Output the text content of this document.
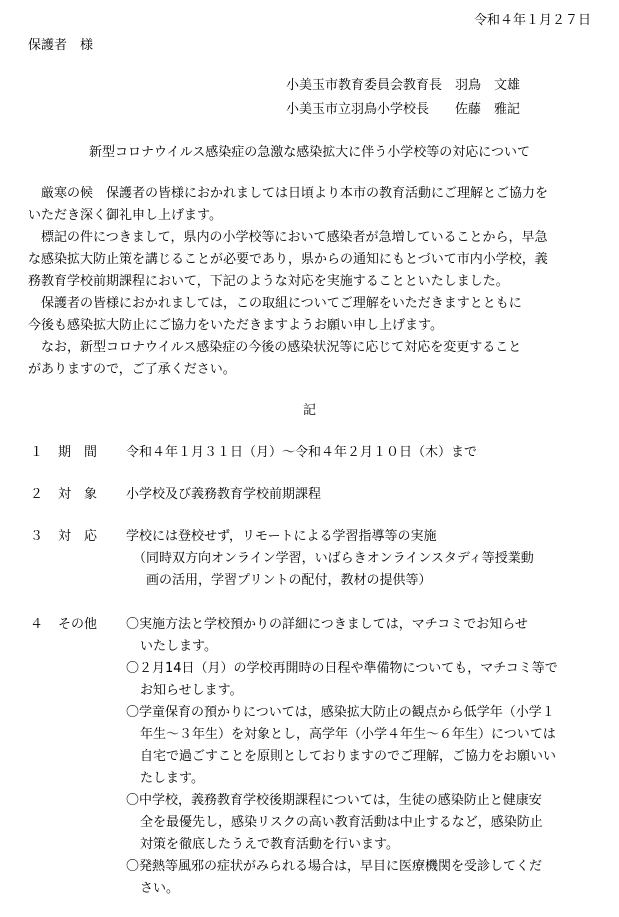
令和４年１月２７日
保護者　様
小美玉市教育委員会教育長　羽鳥　文雄
小美玉市立羽鳥小学校長　　佐藤　雅記
新型コロナウイルス感染症の急激な感染拡大に伴う小学校等の対応について
　厳寒の候　保護者の皆様におかれましては日頃より本市の教育活動にご理解とご協力を
いただき深く御礼申し上げます。
　標記の件につきまして，県内の小学校等において感染者が急増していることから，早急
な感染拡大防止策を講じることが必要であり，県からの通知にもとづいて市内小学校，義
務教育学校前期課程において，下記のような対応を実施することといたしました。
　保護者の皆様におかれましては，この取組についてご理解をいただきますとともに
今後も感染拡大防止にご協力をいただきますようお願い申し上げます。
　なお，新型コロナウイルス感染症の今後の感染状況等に応じて対応を変更すること
がありますので，ご了承ください。
記
１ 期　間 令和４年１月３１日（月）～令和４年２月１０日（木）まで
２ 対　象 小学校及び義務教育学校前期課程
３ 対　応 学校には登校せず，リモートによる学習指導等の実施
（同時双方向オンライン学習，いばらきオンラインスタディ等授業動
画の活用，学習プリントの配付，教材の提供等）
４ その他 〇実施方法と学校預かりの詳細につきましては，マチコミでお知らせ
いたします。
〇２月14日（月）の学校再開時の日程や準備物についても，マチコミ等で
お知らせします。
〇学童保育の預かりについては，感染拡大防止の観点から低学年（小学１
年生～３年生）を対象とし，高学年（小学４年生～６年生）については
自宅で過ごすことを原則としておりますのでご理解，ご協力をお願いい
たします。
〇中学校，義務教育学校後期課程については，生徒の感染防止と健康安
全を最優先し，感染リスクの高い教育活動は中止するなど，感染防止
対策を徹底したうえで教育活動を行います。
〇発熱等風邪の症状がみられる場合は，早目に医療機関を受診してくだ
さい。
